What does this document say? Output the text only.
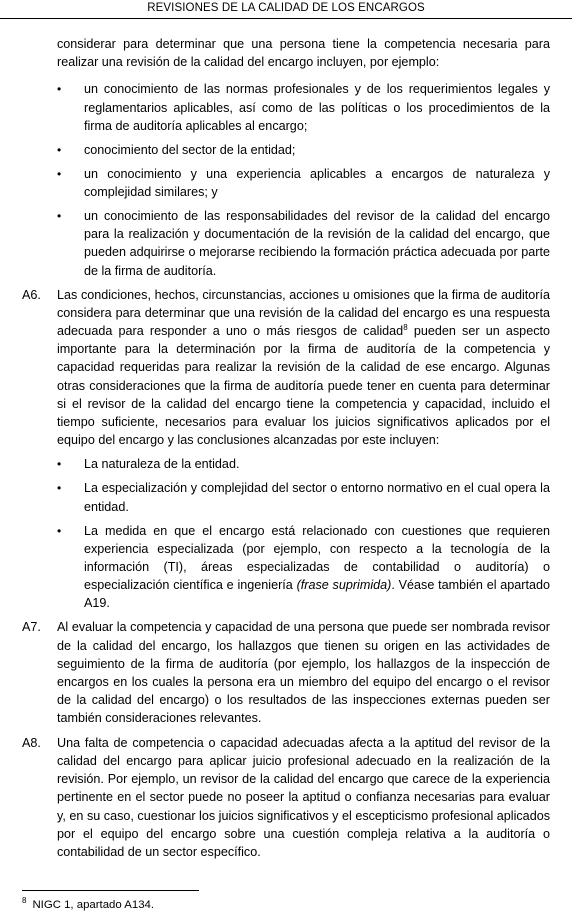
REVISIONES DE LA CALIDAD DE LOS ENCARGOS

considerar para determinar que una persona tiene la competencia necesaria para realizar una revisión de la calidad del encargo incluyen, por ejemplo:

• un conocimiento de las normas profesionales y de los requerimientos legales y reglamentarios aplicables, así como de las políticas o los procedimientos de la firma de auditoría aplicables al encargo;
• conocimiento del sector de la entidad;
• un conocimiento y una experiencia aplicables a encargos de naturaleza y complejidad similares; y
• un conocimiento de las responsabilidades del revisor de la calidad del encargo para la realización y documentación de la revisión de la calidad del encargo, que pueden adquirirse o mejorarse recibiendo la formación práctica adecuada por parte de la firma de auditoría.
A6. Las condiciones, hechos, circunstancias, acciones u omisiones que la firma de auditoría considera para determinar que una revisión de la calidad del encargo es una respuesta adecuada para responder a uno o más riesgos de calidad$^8$ pueden ser un aspecto importante para la determinación por la firma de auditoría de la competencia y capacidad requeridas para realizar la revisión de la calidad de ese encargo. Algunas otras consideraciones que la firma de auditoría puede tener en cuenta para determinar si el revisor de la calidad del encargo tiene la competencia y capacidad, incluido el tiempo suficiente, necesarios para evaluar los juicios significativos aplicados por el equipo del encargo y las conclusiones alcanzadas por este incluyen:
• La naturaleza de la entidad.
• La especialización y complejidad del sector o entorno normativo en el cual opera la entidad.
• La medida en que el encargo está relacionado con cuestiones que requieren experiencia especializada (por ejemplo, con respecto a la tecnología de la información (TI), áreas especializadas de contabilidad o auditoría) o especialización científica e ingeniería (frase suprimida). Véase también el apartado A19.
A7. Al evaluar la competencia y capacidad de una persona que puede ser nombrada revisor de la calidad del encargo, los hallazgos que tienen su origen en las actividades de seguimiento de la firma de auditoría (por ejemplo, los hallazgos de la inspección de encargos en los cuales la persona era un miembro del equipo del encargo o el revisor de la calidad del encargo) o los resultados de las inspecciones externas pueden ser también consideraciones relevantes.
A8. Una falta de competencia o capacidad adecuadas afecta a la aptitud del revisor de la calidad del encargo para aplicar juicio profesional adecuado en la realización de la revisión. Por ejemplo, un revisor de la calidad del encargo que carece de la experiencia pertinente en el sector puede no poseer la aptitud o confianza necesarias para evaluar y, en su caso, cuestionar los juicios significativos y el escepticismo profesional aplicados por el equipo del encargo sobre una cuestión compleja relativa a la auditoría o contabilidad de un sector específico.
$^8$ NIGC 1, apartado A134.
